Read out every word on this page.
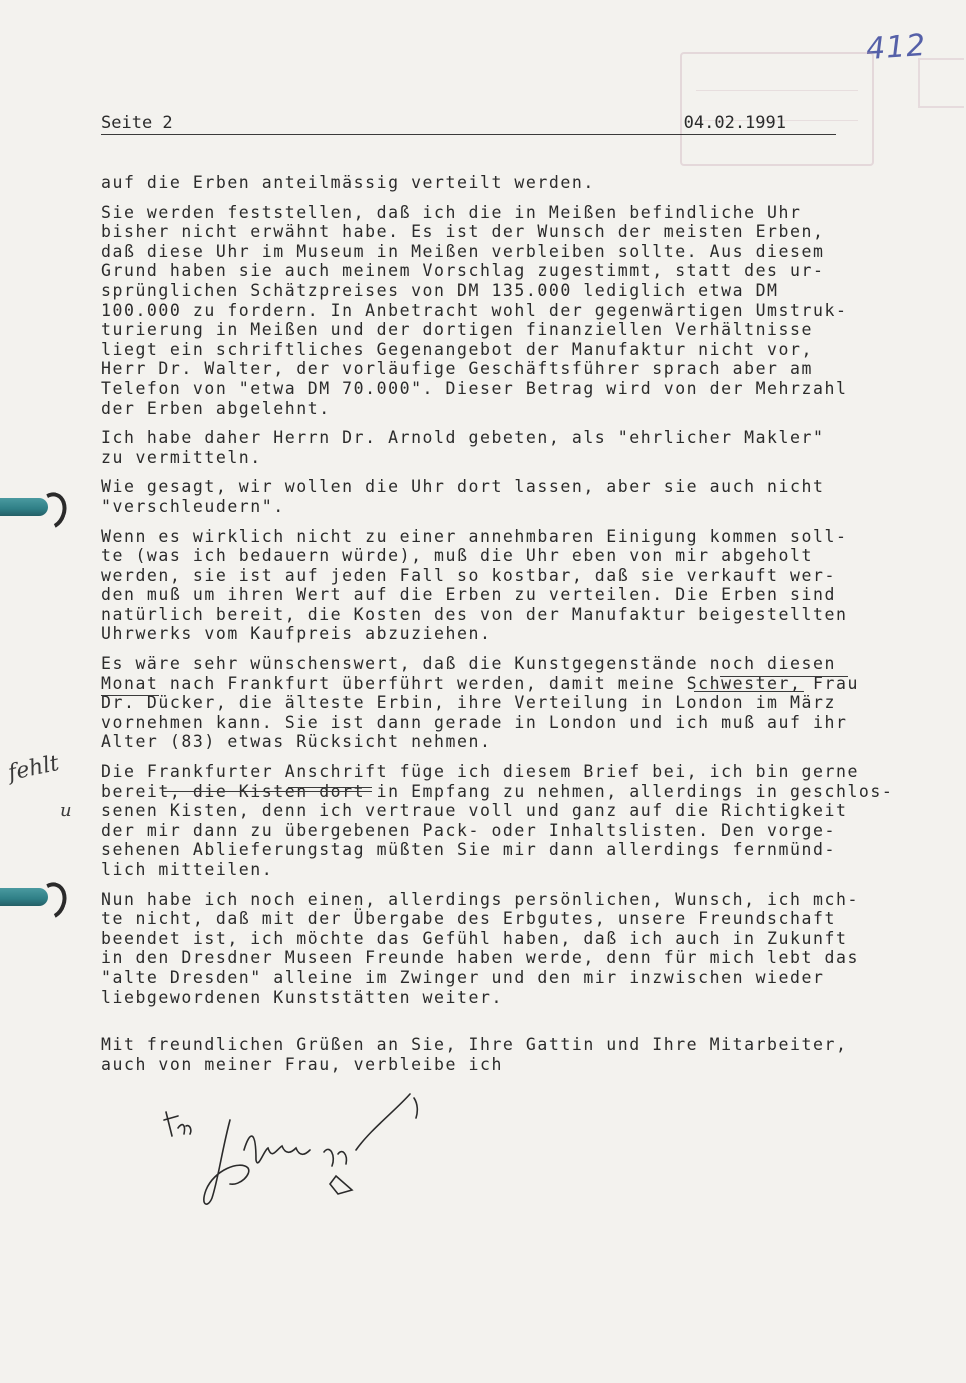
412
Seite 2	04.02.1991
fehlt
u
auf die Erben anteilmässig verteilt werden.
Sie werden feststellen, daß ich die in Meißen befindliche Uhr
bisher nicht erwähnt habe. Es ist der Wunsch der meisten Erben,
daß diese Uhr im Museum in Meißen verbleiben sollte. Aus diesem
Grund haben sie auch meinem Vorschlag zugestimmt, statt des ur-
sprünglichen Schätzpreises von DM 135.000 lediglich etwa DM
100.000 zu fordern. In Anbetracht wohl der gegenwärtigen Umstruk-
turierung in Meißen und der dortigen finanziellen Verhältnisse
liegt ein schriftliches Gegenangebot der Manufaktur nicht vor,
Herr Dr. Walter, der vorläufige Geschäftsführer sprach aber am
Telefon von "etwa DM 70.000". Dieser Betrag wird von der Mehrzahl
der Erben abgelehnt.
Ich habe daher Herrn Dr. Arnold gebeten, als "ehrlicher Makler"
zu vermitteln.
Wie gesagt, wir wollen die Uhr dort lassen, aber sie auch nicht
"verschleudern".
Wenn es wirklich nicht zu einer annehmbaren Einigung kommen soll-
te (was ich bedauern würde), muß die Uhr eben von mir abgeholt
werden, sie ist auf jeden Fall so kostbar, daß sie verkauft wer-
den muß um ihren Wert auf die Erben zu verteilen. Die Erben sind
natürlich bereit, die Kosten des von der Manufaktur beigestellten
Uhrwerks vom Kaufpreis abzuziehen.
Es wäre sehr wünschenswert, daß die Kunstgegenstände noch diesen
Monat nach Frankfurt überführt werden, damit meine Schwester, Frau
Dr. Dücker, die älteste Erbin, ihre Verteilung in London im März
vornehmen kann. Sie ist dann gerade in London und ich muß auf ihr
Alter (83) etwas Rücksicht nehmen.
Die Frankfurter Anschrift füge ich diesem Brief bei, ich bin gerne
bereit, die Kisten dort in Empfang zu nehmen, allerdings in geschlos-
senen Kisten, denn ich vertraue voll und ganz auf die Richtigkeit
der mir dann zu übergebenen Pack- oder Inhaltslisten. Den vorge-
sehenen Ablieferungstag müßten Sie mir dann allerdings fernmünd-
lich mitteilen.
Nun habe ich noch einen, allerdings persönlichen, Wunsch, ich mch-
te nicht, daß mit der Übergabe des Erbgutes, unsere Freundschaft
beendet ist, ich möchte das Gefühl haben, daß ich auch in Zukunft
in den Dresdner Museen Freunde haben werde, denn für mich lebt das
"alte Dresden" alleine im Zwinger und den mir inzwischen wieder
liebgewordenen Kunststätten weiter.
Mit freundlichen Grüßen an Sie, Ihre Gattin und Ihre Mitarbeiter,
auch von meiner Frau, verbleibe ich
